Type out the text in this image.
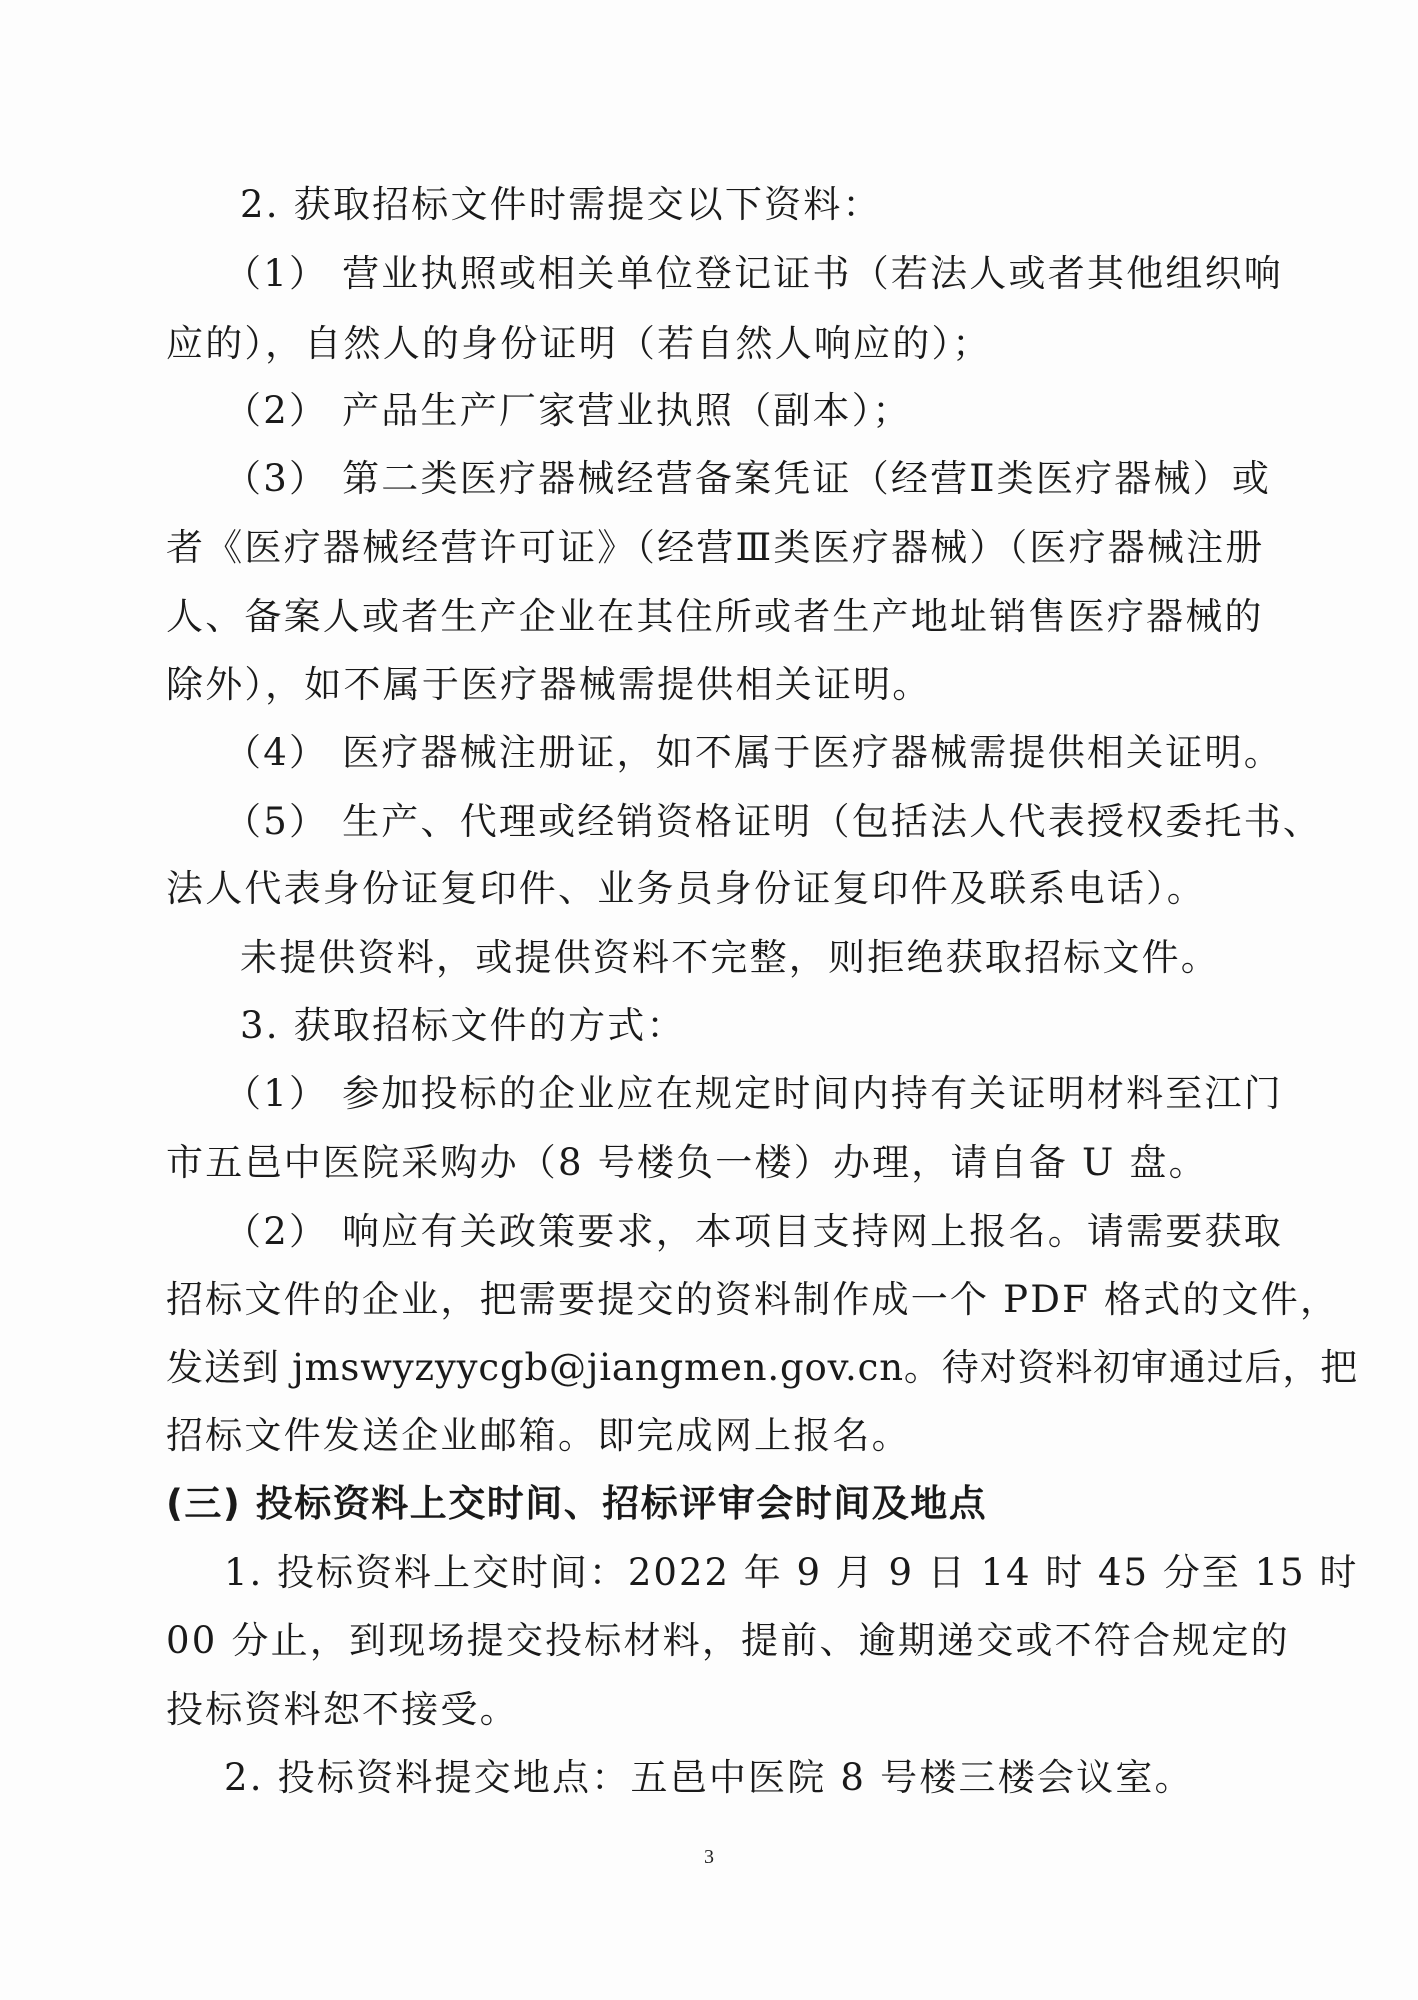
2. 获取招标文件时需提交以下资料：
（1） 营业执照或相关单位登记证书（若法人或者其他组织响
应的），自然人的身份证明（若自然人响应的）；
（2） 产品生产厂家营业执照（副本）；
（3） 第二类医疗器械经营备案凭证（经营Ⅱ类医疗器械）或
者《医疗器械经营许可证》（经营Ⅲ类医疗器械）（医疗器械注册
人、备案人或者生产企业在其住所或者生产地址销售医疗器械的
除外），如不属于医疗器械需提供相关证明。
（4） 医疗器械注册证，如不属于医疗器械需提供相关证明。
（5） 生产、代理或经销资格证明（包括法人代表授权委托书、
法人代表身份证复印件、业务员身份证复印件及联系电话）。
未提供资料，或提供资料不完整，则拒绝获取招标文件。
3. 获取招标文件的方式：
（1） 参加投标的企业应在规定时间内持有关证明材料至江门
市五邑中医院采购办（8 号楼负一楼）办理，请自备 U 盘。
（2） 响应有关政策要求，本项目支持网上报名。请需要获取
招标文件的企业，把需要提交的资料制作成一个 PDF 格式的文件，
发送到 jmswyzyycgb@jiangmen.gov.cn。待对资料初审通过后，把
招标文件发送企业邮箱。即完成网上报名。
(三) 投标资料上交时间、招标评审会时间及地点
1. 投标资料上交时间：2022 年 9 月 9 日 14 时 45 分至 15 时
00 分止，到现场提交投标材料，提前、逾期递交或不符合规定的
投标资料恕不接受。
2. 投标资料提交地点：五邑中医院 8 号楼三楼会议室。
3
